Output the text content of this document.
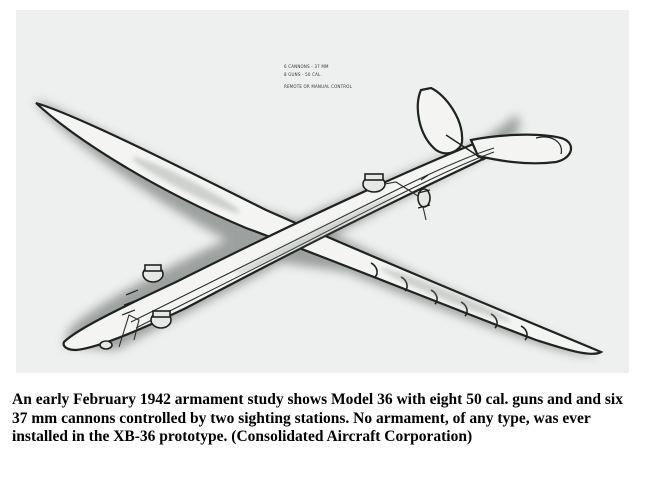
6 CANNONS - 37 MM
8 GUNS - 50 CAL.
REMOTE OR MANUAL CONTROL

An early February 1942 armament study shows Model 36 with eight 50 cal. guns and and six 37 mm cannons controlled by two sighting stations. No armament, of any type, was ever installed in the XB-36 prototype. (Consolidated Aircraft Corporation)
